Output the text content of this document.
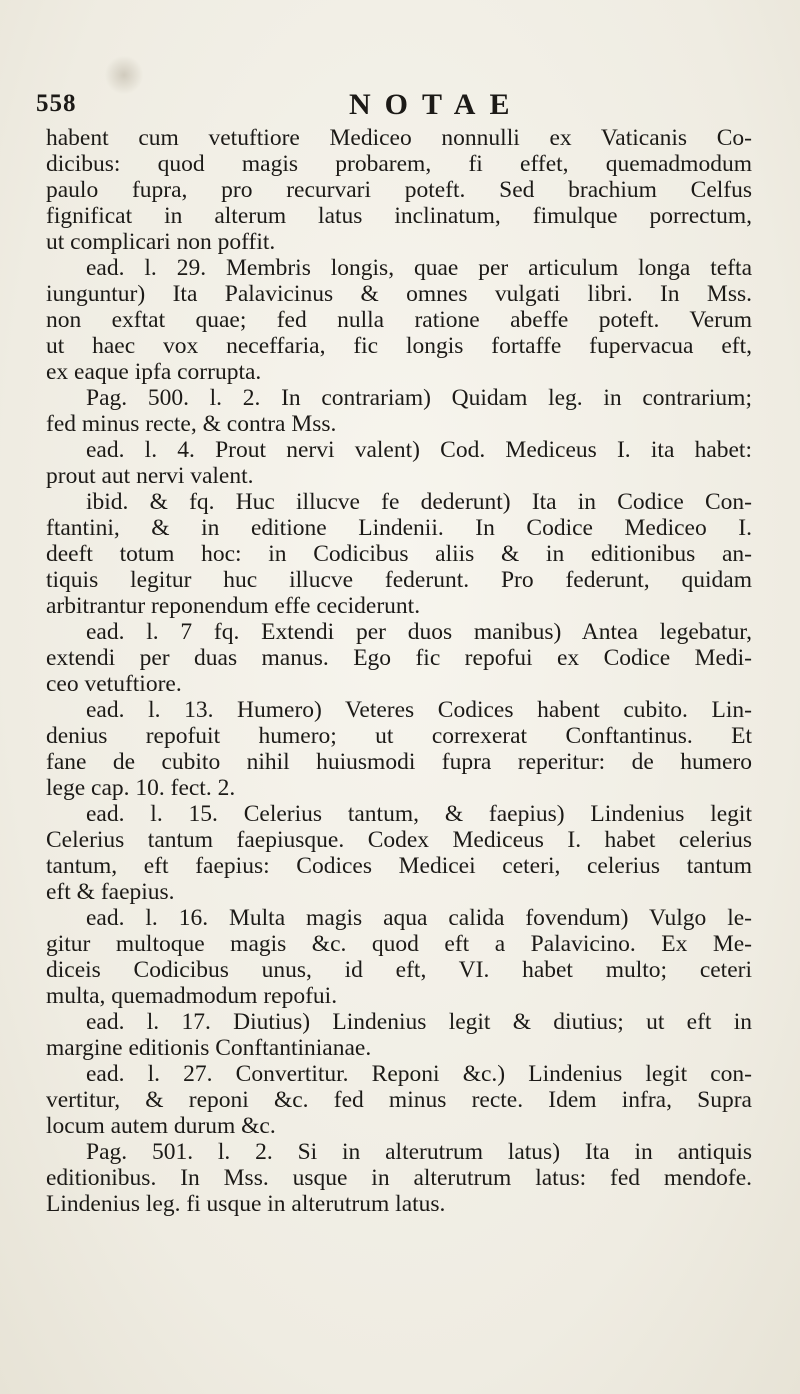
558	NOTAE
habent cum vetuftiore Mediceo nonnulli ex Vaticanis Co-
dicibus: quod magis probarem, fi effet, quemadmodum
paulo fupra, pro recurvari poteft. Sed brachium Celfus
fignificat in alterum latus inclinatum, fimulque porrectum,
ut complicari non poffit.
ead. l. 29. Membris longis, quae per articulum longa tefta
iunguntur) Ita Palavicinus & omnes vulgati libri. In Mss.
non exftat quae; fed nulla ratione abeffe poteft. Verum
ut haec vox neceffaria, fic longis fortaffe fupervacua eft,
ex eaque ipfa corrupta.
Pag. 500. l. 2. In contrariam) Quidam leg. in contrarium;
fed minus recte, & contra Mss.
ead. l. 4. Prout nervi valent) Cod. Mediceus I. ita habet:
prout aut nervi valent.
ibid. & fq. Huc illucve fe dederunt) Ita in Codice Con-
ftantini, & in editione Lindenii. In Codice Mediceo I.
deeft totum hoc: in Codicibus aliis & in editionibus an-
tiquis legitur huc illucve federunt. Pro federunt, quidam
arbitrantur reponendum effe ceciderunt.
ead. l. 7 fq. Extendi per duos manibus) Antea legebatur,
extendi per duas manus. Ego fic repofui ex Codice Medi-
ceo vetuftiore.
ead. l. 13. Humero) Veteres Codices habent cubito. Lin-
denius repofuit humero; ut correxerat Conftantinus. Et
fane de cubito nihil huiusmodi fupra reperitur: de humero
lege cap. 10. fect. 2.
ead. l. 15. Celerius tantum, & faepius) Lindenius legit
Celerius tantum faepiusque. Codex Mediceus I. habet celerius
tantum, eft faepius: Codices Medicei ceteri, celerius tantum
eft & faepius.
ead. l. 16. Multa magis aqua calida fovendum) Vulgo le-
gitur multoque magis &c. quod eft a Palavicino. Ex Me-
diceis Codicibus unus, id eft, VI. habet multo; ceteri
multa, quemadmodum repofui.
ead. l. 17. Diutius) Lindenius legit & diutius; ut eft in
margine editionis Conftantinianae.
ead. l. 27. Convertitur. Reponi &c.) Lindenius legit con-
vertitur, & reponi &c. fed minus recte. Idem infra, Supra
locum autem durum &c.
Pag. 501. l. 2. Si in alterutrum latus) Ita in antiquis
editionibus. In Mss. usque in alterutrum latus: fed mendofe.
Lindenius leg. fi usque in alterutrum latus.
